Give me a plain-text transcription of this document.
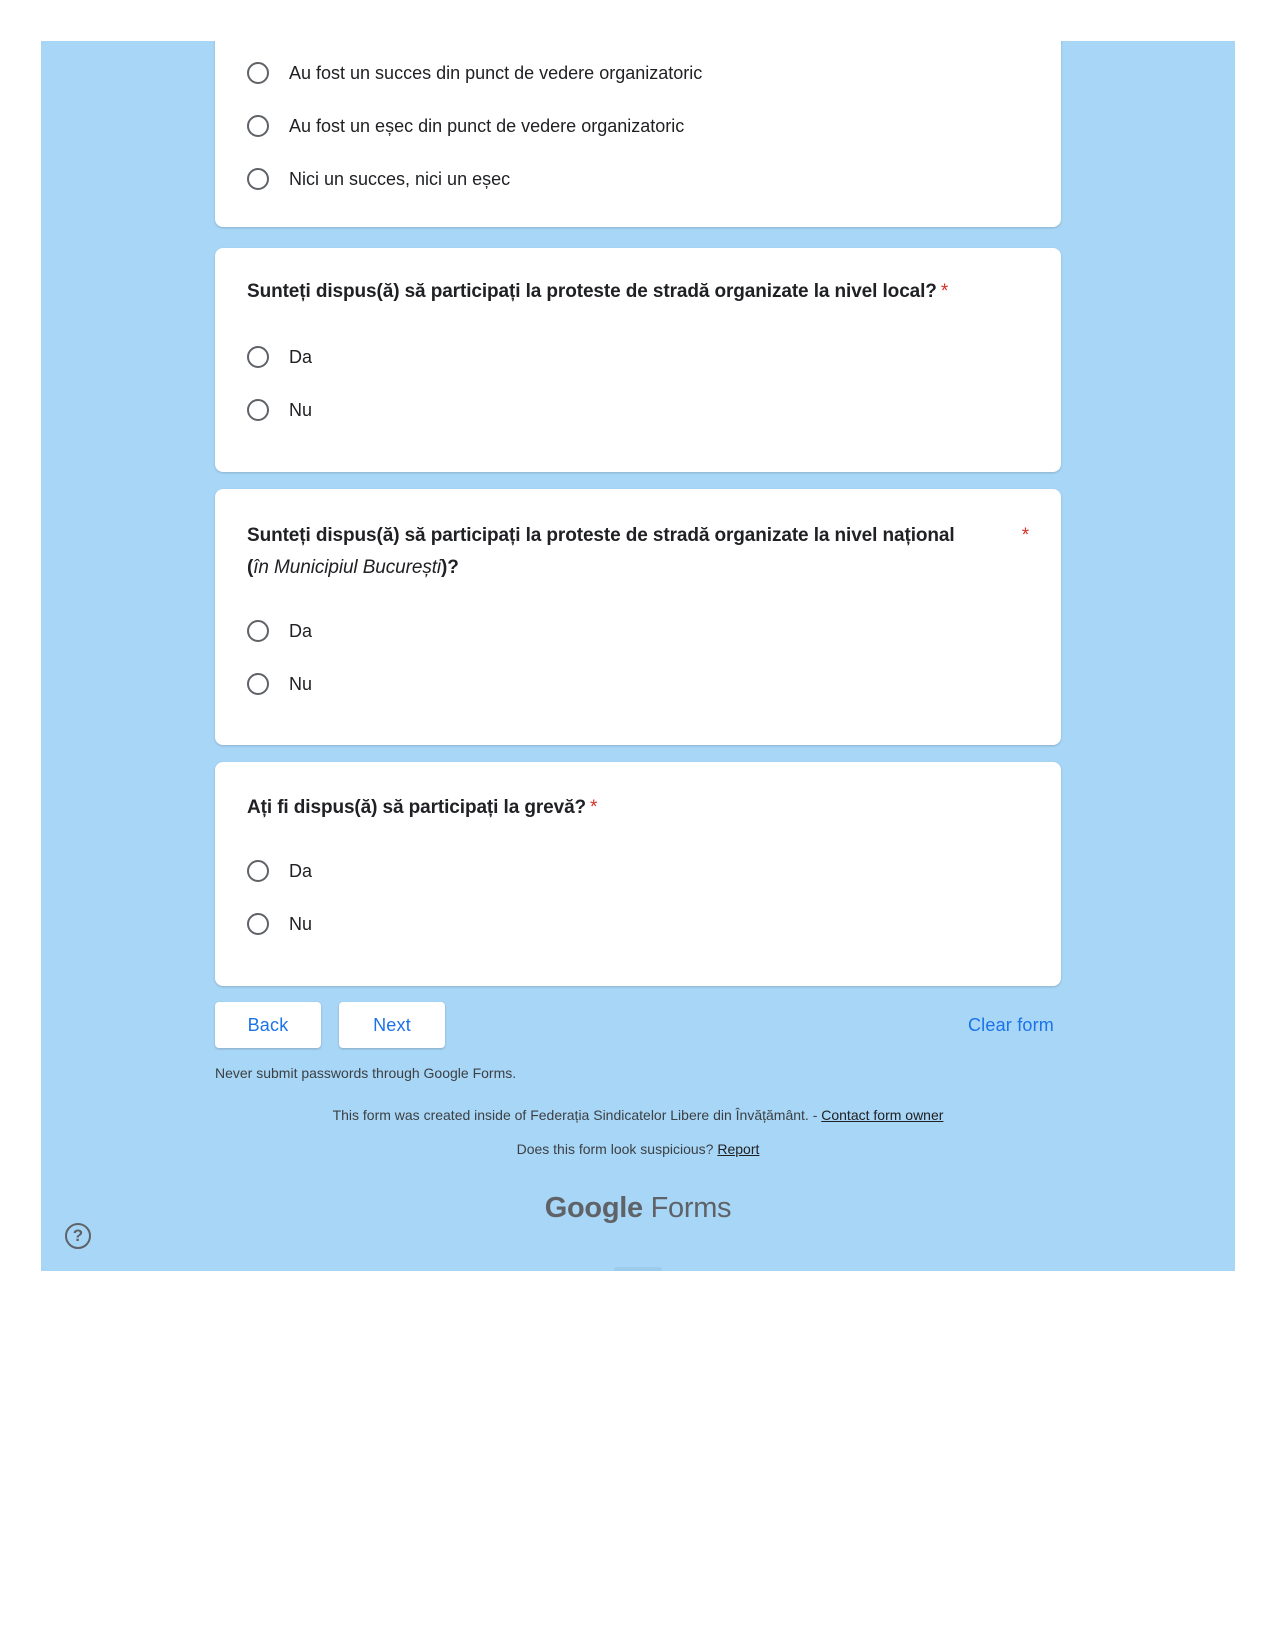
Au fost un succes din punct de vedere organizatoric
Au fost un eșec din punct de vedere organizatoric
Nici un succes, nici un eșec
Sunteți dispus(ă) să participați la proteste de stradă organizate la nivel local? *
Da
Nu
Sunteți dispus(ă) să participați la proteste de stradă organizate la nivel național	*
(în Municipiul București)?
Da
Nu
Ați fi dispus(ă) să participați la grevă? *
Da
Nu
Back	Next	Clear form
Never submit passwords through Google Forms.
This form was created inside of Federația Sindicatelor Libere din Învățământ. - Contact form owner
Does this form look suspicious? Report
Google Forms
?
